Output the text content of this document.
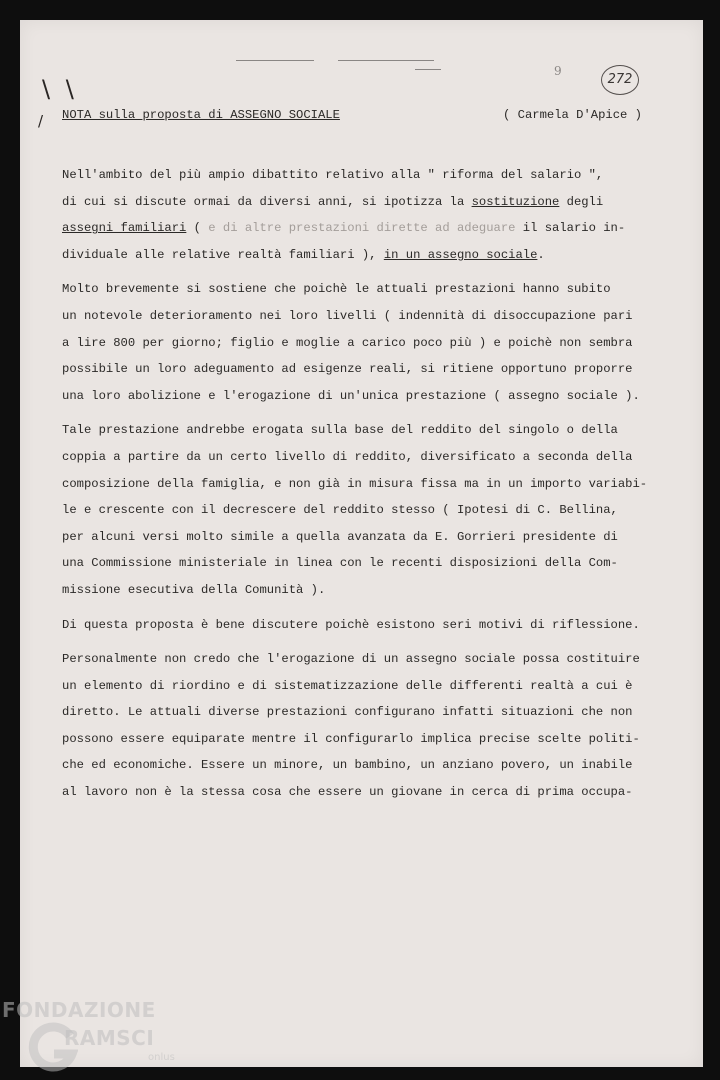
9
272
\ \
/ NOTA sulla proposta di ASSEGNO SOCIALE	( Carmela D'Apice )
Nell'ambito del più ampio dibattito relativo alla " riforma del salario ",
di cui si discute ormai da diversi anni, si ipotizza la sostituzione degli
assegni familiari ( e di altre prestazioni dirette ad adeguare il salario in-
dividuale alle relative realtà familiari ), in un assegno sociale.
Molto brevemente si sostiene che poichè le attuali prestazioni hanno subito
un notevole deterioramento nei loro livelli ( indennità di disoccupazione pari
a lire 800 per giorno; figlio e moglie a carico poco più ) e poichè non sembra
possibile un loro adeguamento ad esigenze reali, si ritiene opportuno proporre
una loro abolizione e l'erogazione di un'unica prestazione ( assegno sociale ).
Tale prestazione andrebbe erogata sulla base del reddito del singolo o della
coppia a partire da un certo livello di reddito, diversificato a seconda della
composizione della famiglia, e non già in misura fissa ma in un importo variabi-
le e crescente con il decrescere del reddito stesso ( Ipotesi di C. Bellina,
per alcuni versi molto simile a quella avanzata da E. Gorrieri presidente di
una Commissione ministeriale in linea con le recenti disposizioni della Com-
missione esecutiva della Comunità ).
Di questa proposta è bene discutere poichè esistono seri motivi di riflessione.
Personalmente non credo che l'erogazione di un assegno sociale possa costituire
un elemento di riordino e di sistematizzazione delle differenti realtà a cui è
diretto. Le attuali diverse prestazioni configurano infatti situazioni che non
possono essere equiparate mentre il configurarlo implica precise scelte politi-
che ed economiche. Essere un minore, un bambino, un anziano povero, un inabile
al lavoro non è la stessa cosa che essere un giovane in cerca di prima occupa-
FONDAZIONE
RAMSCI
onlus
